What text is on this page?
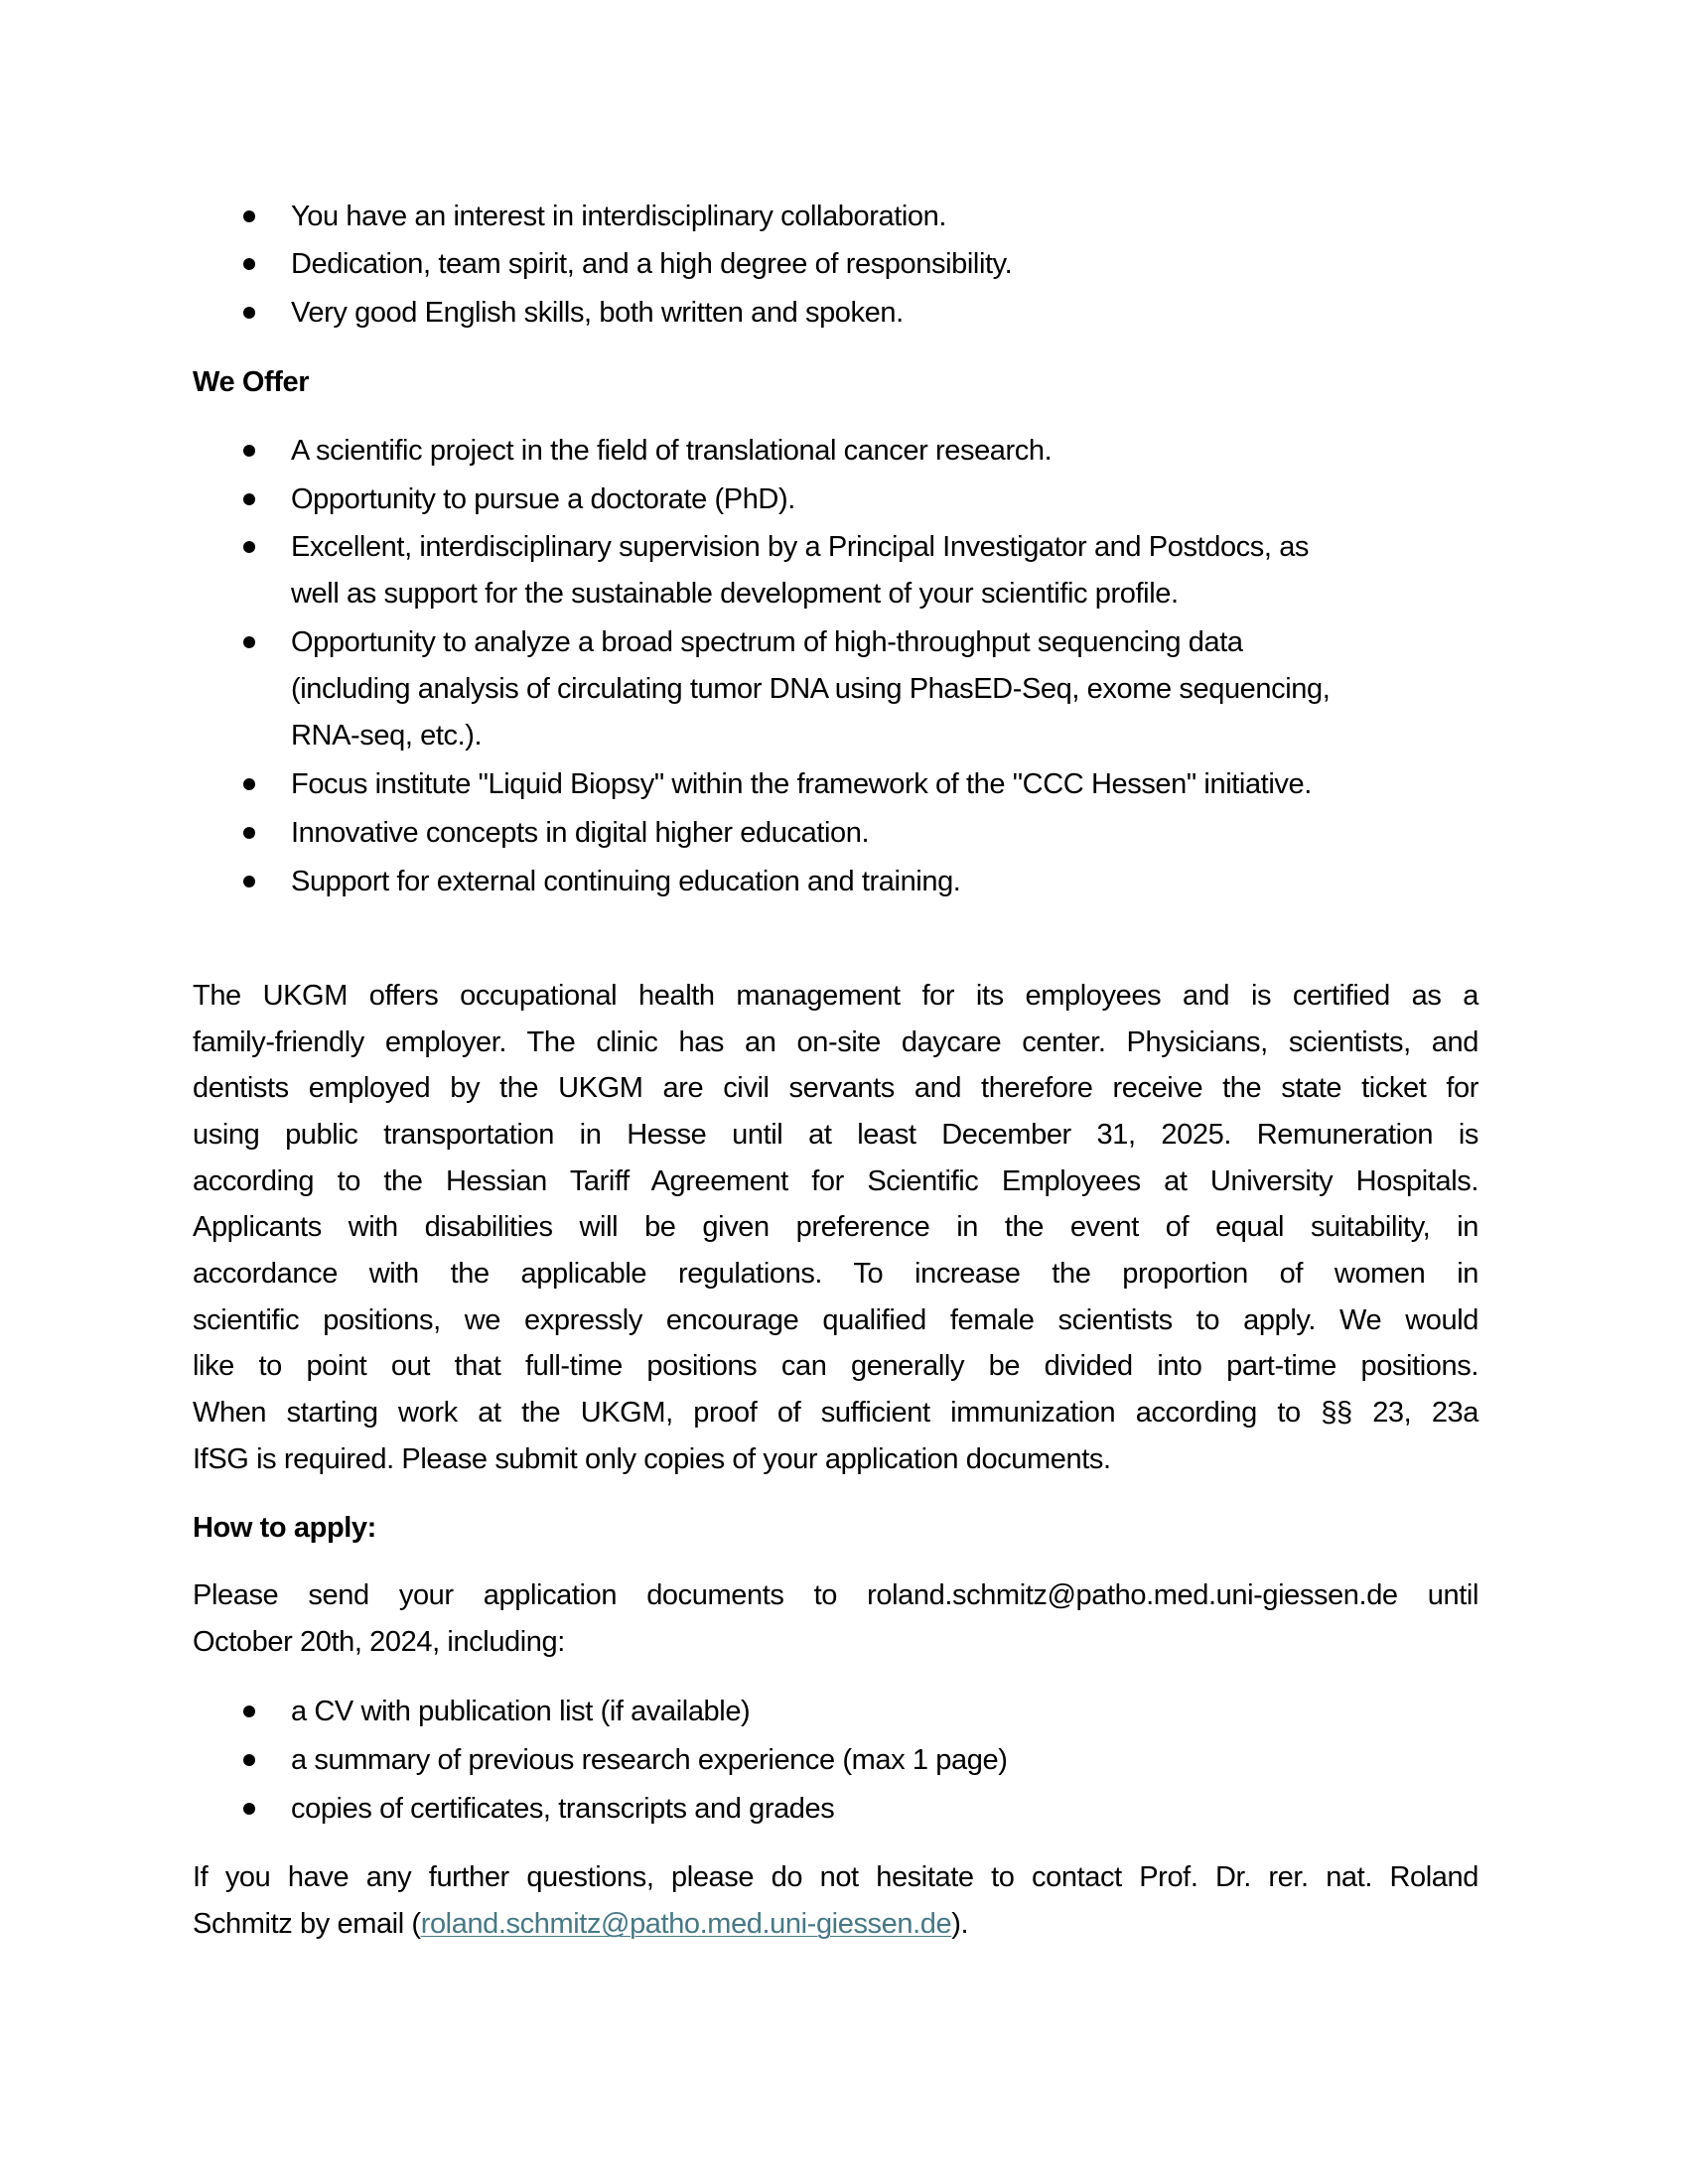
You have an interest in interdisciplinary collaboration.
Dedication, team spirit, and a high degree of responsibility.
Very good English skills, both written and spoken.
We Offer
A scientific project in the field of translational cancer research.
Opportunity to pursue a doctorate (PhD).
Excellent, interdisciplinary supervision by a Principal Investigator and Postdocs, as
well as support for the sustainable development of your scientific profile.
Opportunity to analyze a broad spectrum of high-throughput sequencing data
(including analysis of circulating tumor DNA using PhasED-Seq, exome sequencing,
RNA-seq, etc.).
Focus institute "Liquid Biopsy" within the framework of the "CCC Hessen" initiative.
Innovative concepts in digital higher education.
Support for external continuing education and training.
The UKGM offers occupational health management for its employees and is certified as a
family-friendly employer. The clinic has an on-site daycare center. Physicians, scientists, and
dentists employed by the UKGM are civil servants and therefore receive the state ticket for
using public transportation in Hesse until at least December 31, 2025. Remuneration is
according to the Hessian Tariff Agreement for Scientific Employees at University Hospitals.
Applicants with disabilities will be given preference in the event of equal suitability, in
accordance with the applicable regulations. To increase the proportion of women in
scientific positions, we expressly encourage qualified female scientists to apply. We would
like to point out that full-time positions can generally be divided into part-time positions.
When starting work at the UKGM, proof of sufficient immunization according to §§ 23, 23a
IfSG is required. Please submit only copies of your application documents.
How to apply:
Please send your application documents to roland.schmitz@patho.med.uni-giessen.de until
October 20th, 2024, including:
a CV with publication list (if available)
a summary of previous research experience (max 1 page)
copies of certificates, transcripts and grades
If you have any further questions, please do not hesitate to contact Prof. Dr. rer. nat. Roland
Schmitz by email (roland.schmitz@patho.med.uni-giessen.de).
